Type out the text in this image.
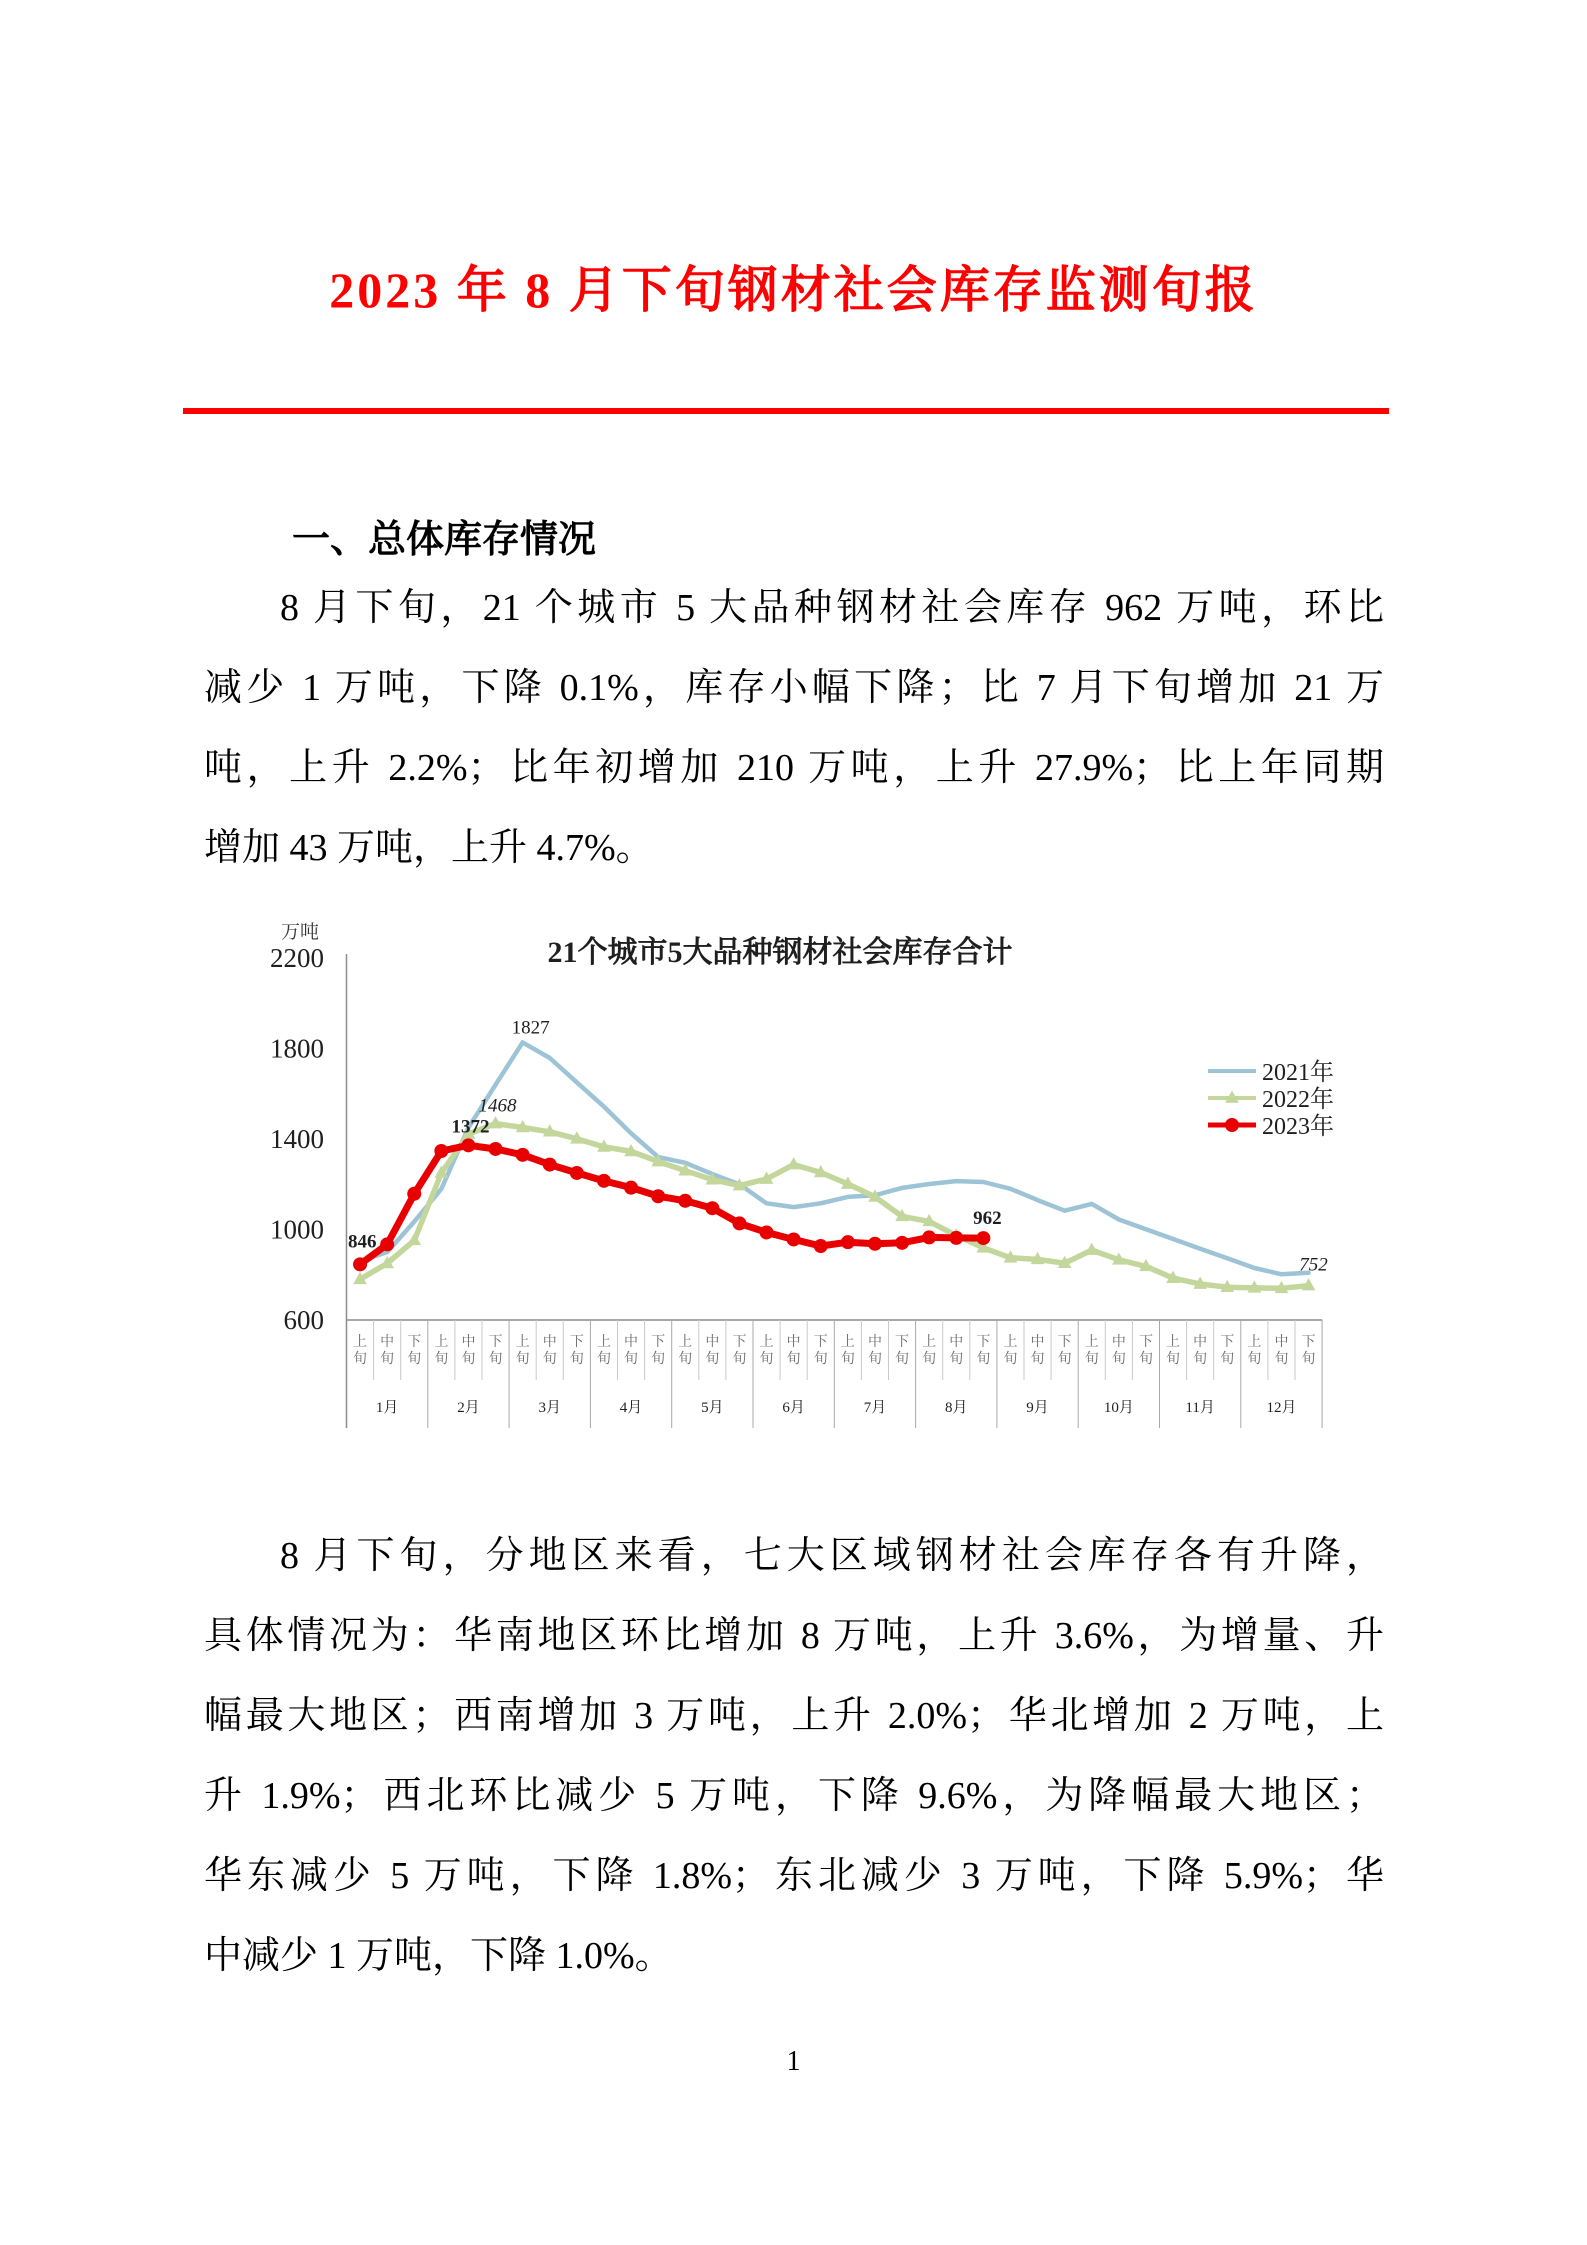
2023 年 8 月下旬钢材社会库存监测旬报
一、总体库存情况
8 月下旬，21 个城市 5 大品种钢材社会库存 962 万吨，环比
减少 1 万吨，下降 0.1%，库存小幅下降；比 7 月下旬增加 21 万
吨，上升 2.2%；比年初增加 210 万吨，上升 27.9%；比上年同期
增加 43 万吨，上升 4.7%。
21个城市5大品种钢材社会库存合计
万吨
600
1000
1400
1800
2200
上
旬
中
旬
下
旬
上
旬
中
旬
下
旬
上
旬
中
旬
下
旬
上
旬
中
旬
下
旬
上
旬
中
旬
下
旬
上
旬
中
旬
下
旬
上
旬
中
旬
下
旬
上
旬
中
旬
下
旬
上
旬
中
旬
下
旬
上
旬
中
旬
下
旬
上
旬
中
旬
下
旬
上
旬
中
旬
下
旬
1月	2月	3月	4月	5月	6月	7月	8月	9月	10月	11月	12月
846
1372
1468
1827
962
752
2021年
2022年
2023年
8 月下旬，分地区来看，七大区域钢材社会库存各有升降，
具体情况为：华南地区环比增加 8 万吨，上升 3.6%，为增量、升
幅最大地区；西南增加 3 万吨，上升 2.0%；华北增加 2 万吨，上
升 1.9%；西北环比减少 5 万吨，下降 9.6%，为降幅最大地区；
华东减少 5 万吨，下降 1.8%；东北减少 3 万吨，下降 5.9%；华
中减少 1 万吨，下降 1.0%。
1
